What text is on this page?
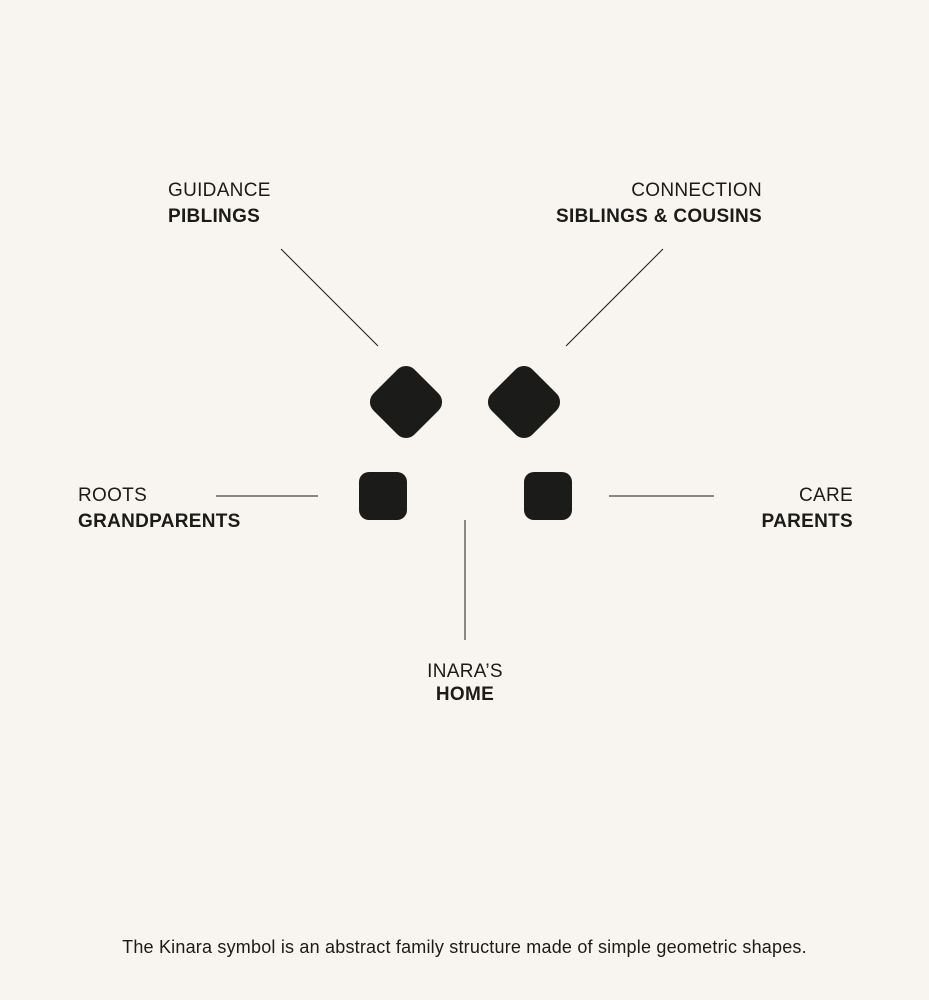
GUIDANCE
PIBLINGS
CONNECTION
SIBLINGS & COUSINS
ROOTS
GRANDPARENTS
CARE
PARENTS
INARA’S
HOME
The Kinara symbol is an abstract family structure made of simple geometric shapes.
